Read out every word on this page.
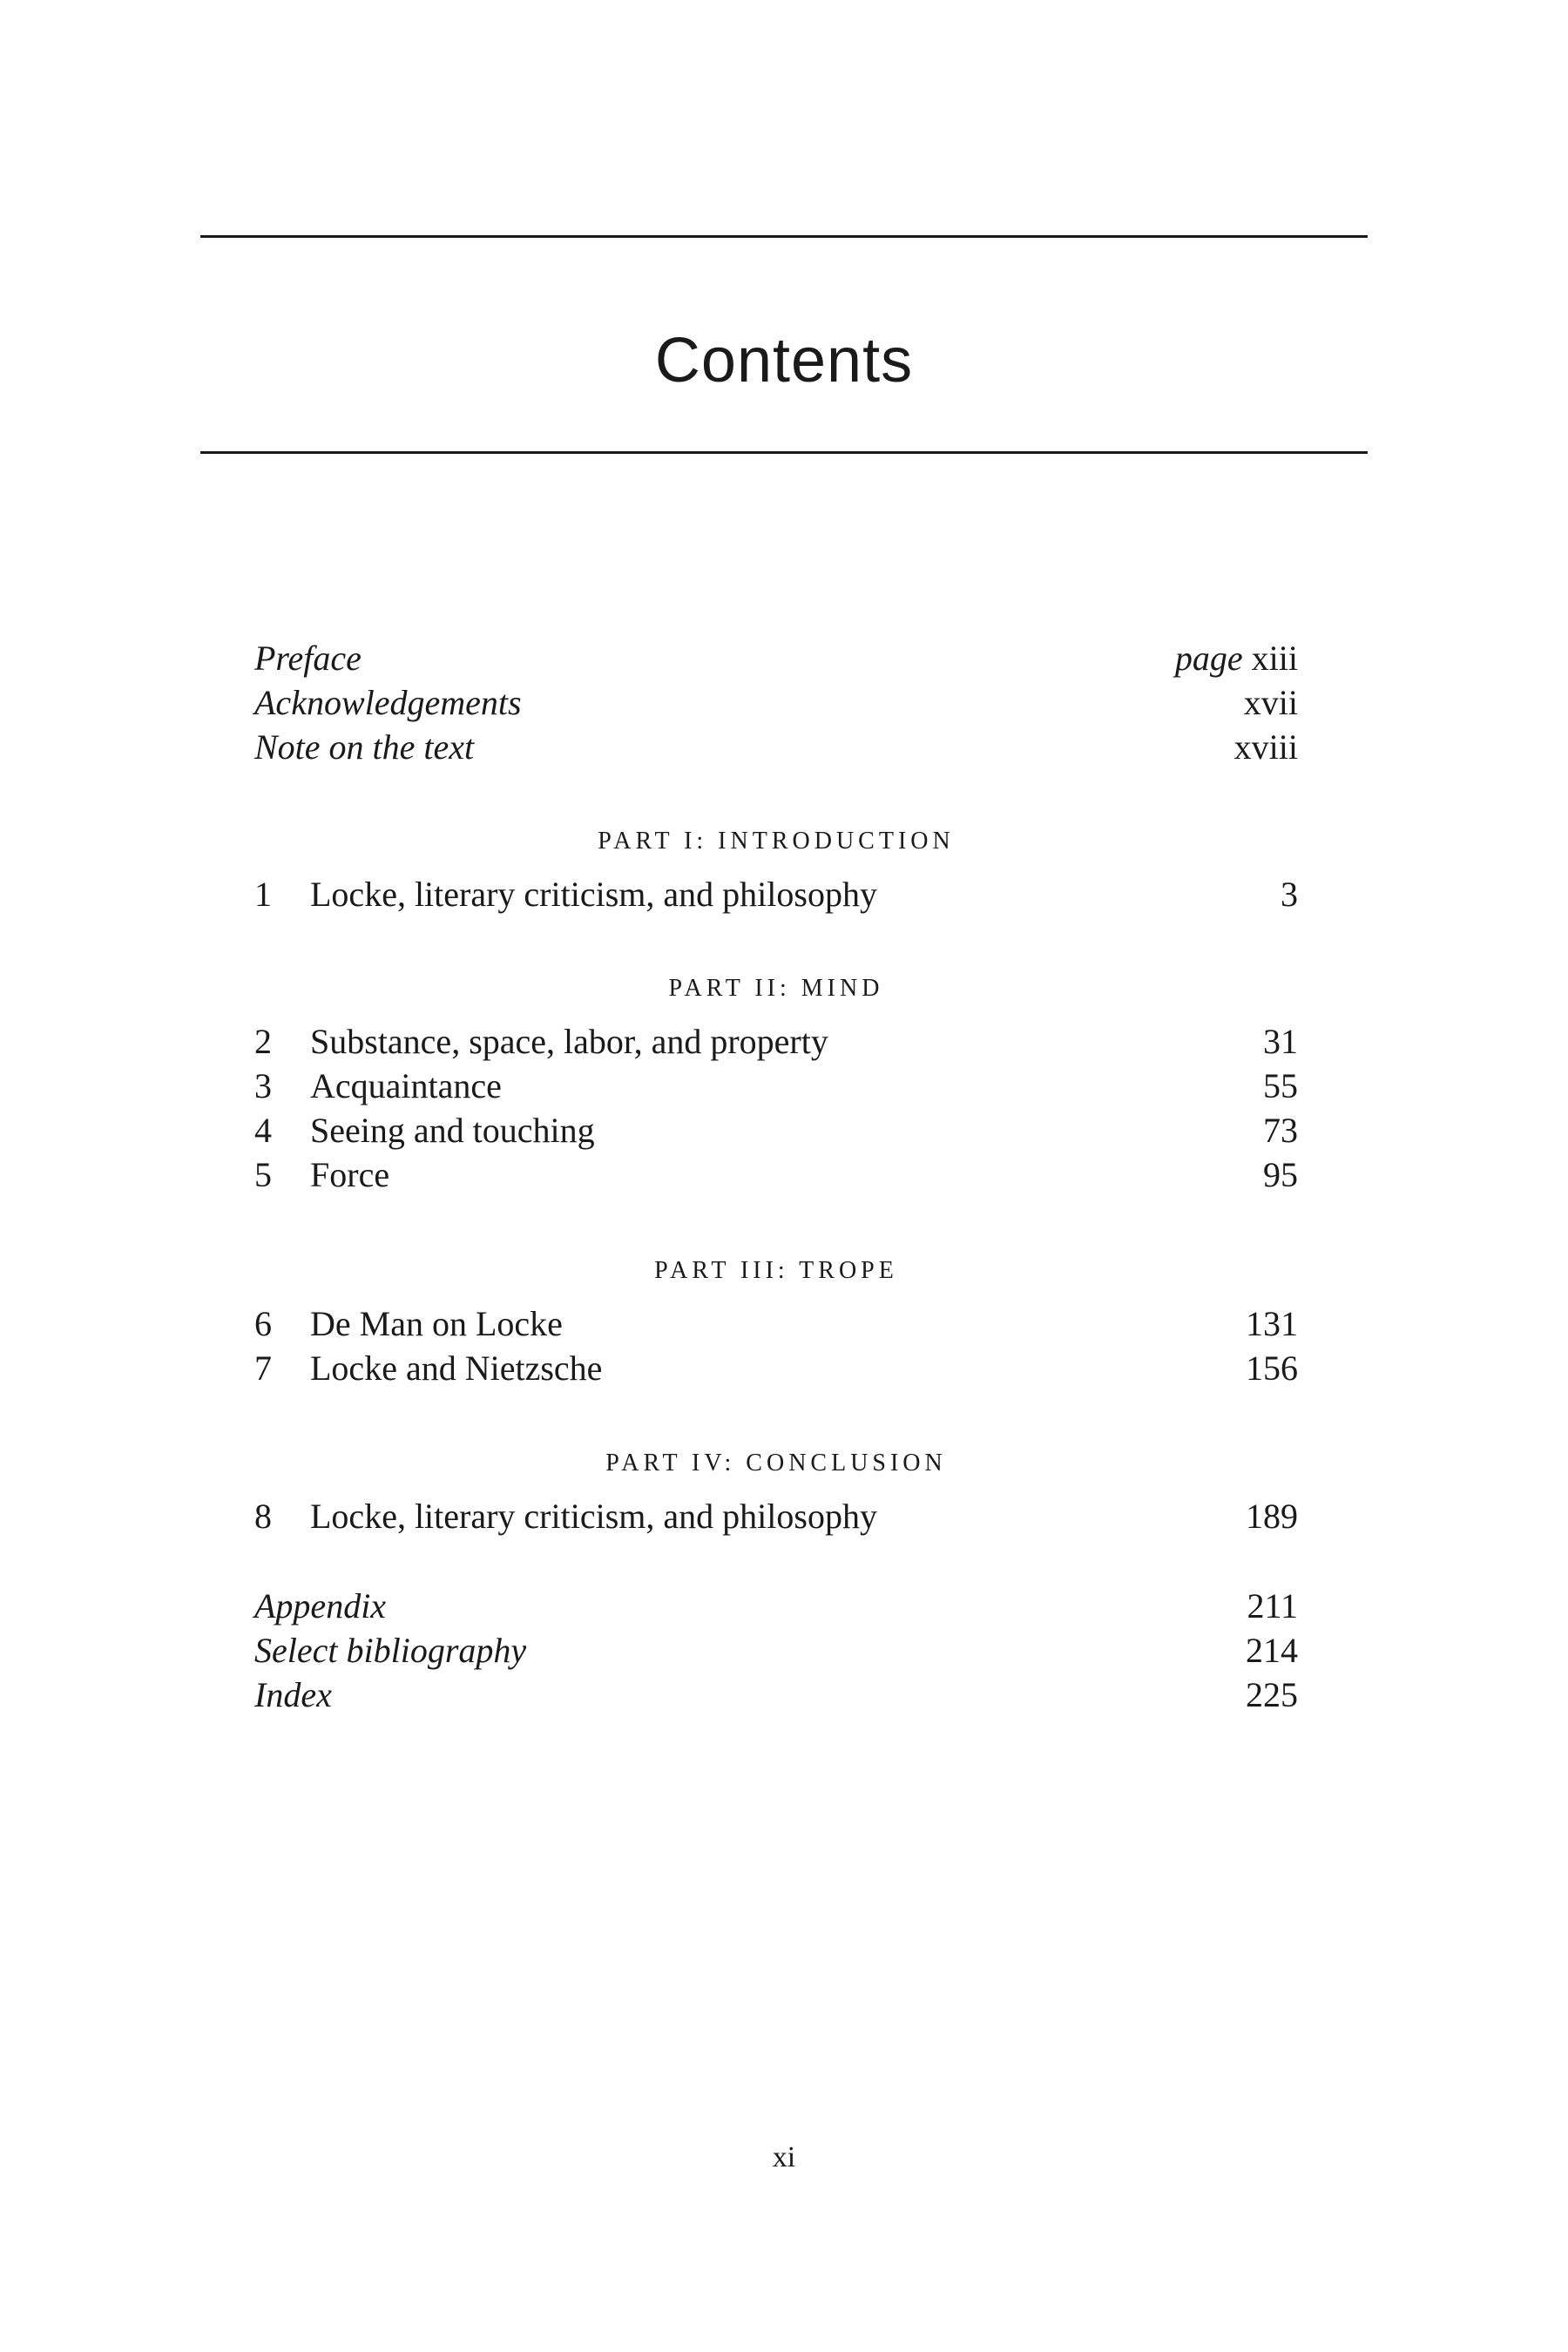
Contents
Preface	page xiii
Acknowledgements	xvii
Note on the text	xviii
PART I: INTRODUCTION
1	Locke, literary criticism, and philosophy	3
PART II: MIND
2	Substance, space, labor, and property	31
3	Acquaintance	55
4	Seeing and touching	73
5	Force	95
PART III: TROPE
6	De Man on Locke	131
7	Locke and Nietzsche	156
PART IV: CONCLUSION
8	Locke, literary criticism, and philosophy	189
Appendix	211
Select bibliography	214
Index	225
xi
